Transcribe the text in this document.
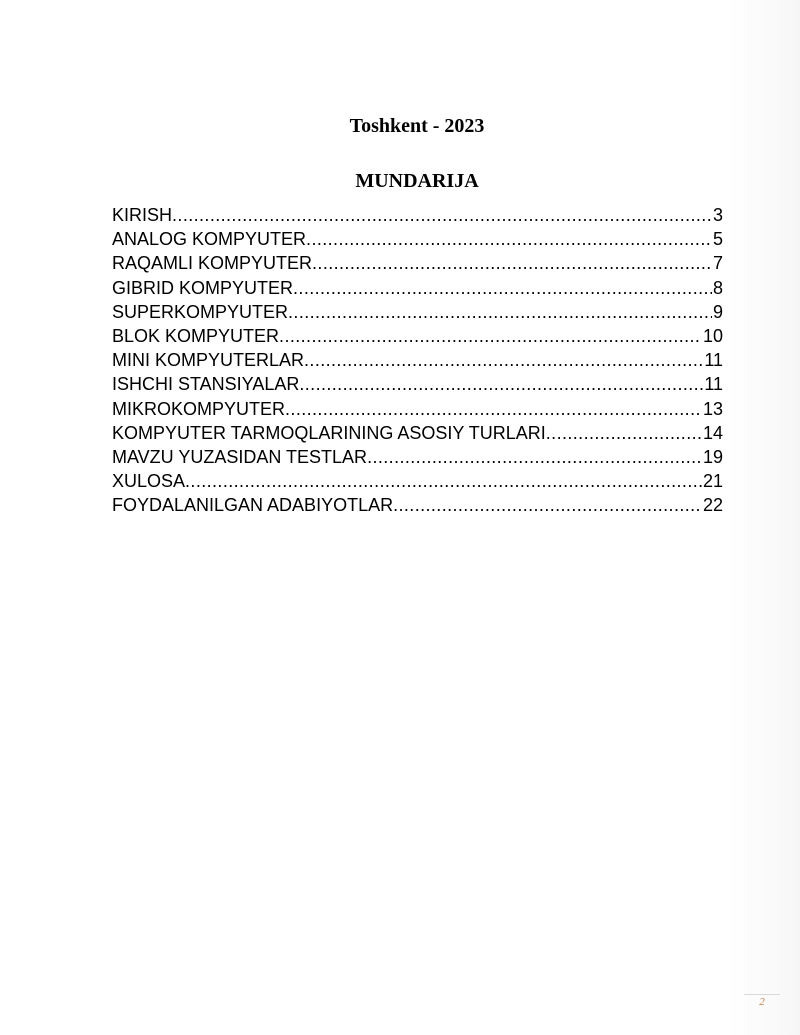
Toshkent - 2023
MUNDARIJA
KIRISH .....	3
ANALOG KOMPYUTER .....	5
RAQAMLI KOMPYUTER .....	7
GIBRID KOMPYUTER .....	8
SUPERKOMPYUTER .....	9
BLOK KOMPYUTER .....	10
MINI KOMPYUTERLAR .....	11
ISHCHI STANSIYALAR .....	11
MIKROKOMPYUTER .....	13
KOMPYUTER TARMOQLARINING ASOSIY TURLARI .....	14
MAVZU YUZASIDAN TESTLAR .....	19
XULOSA .....	21
FOYDALANILGAN ADABIYOTLAR .....	22
2
